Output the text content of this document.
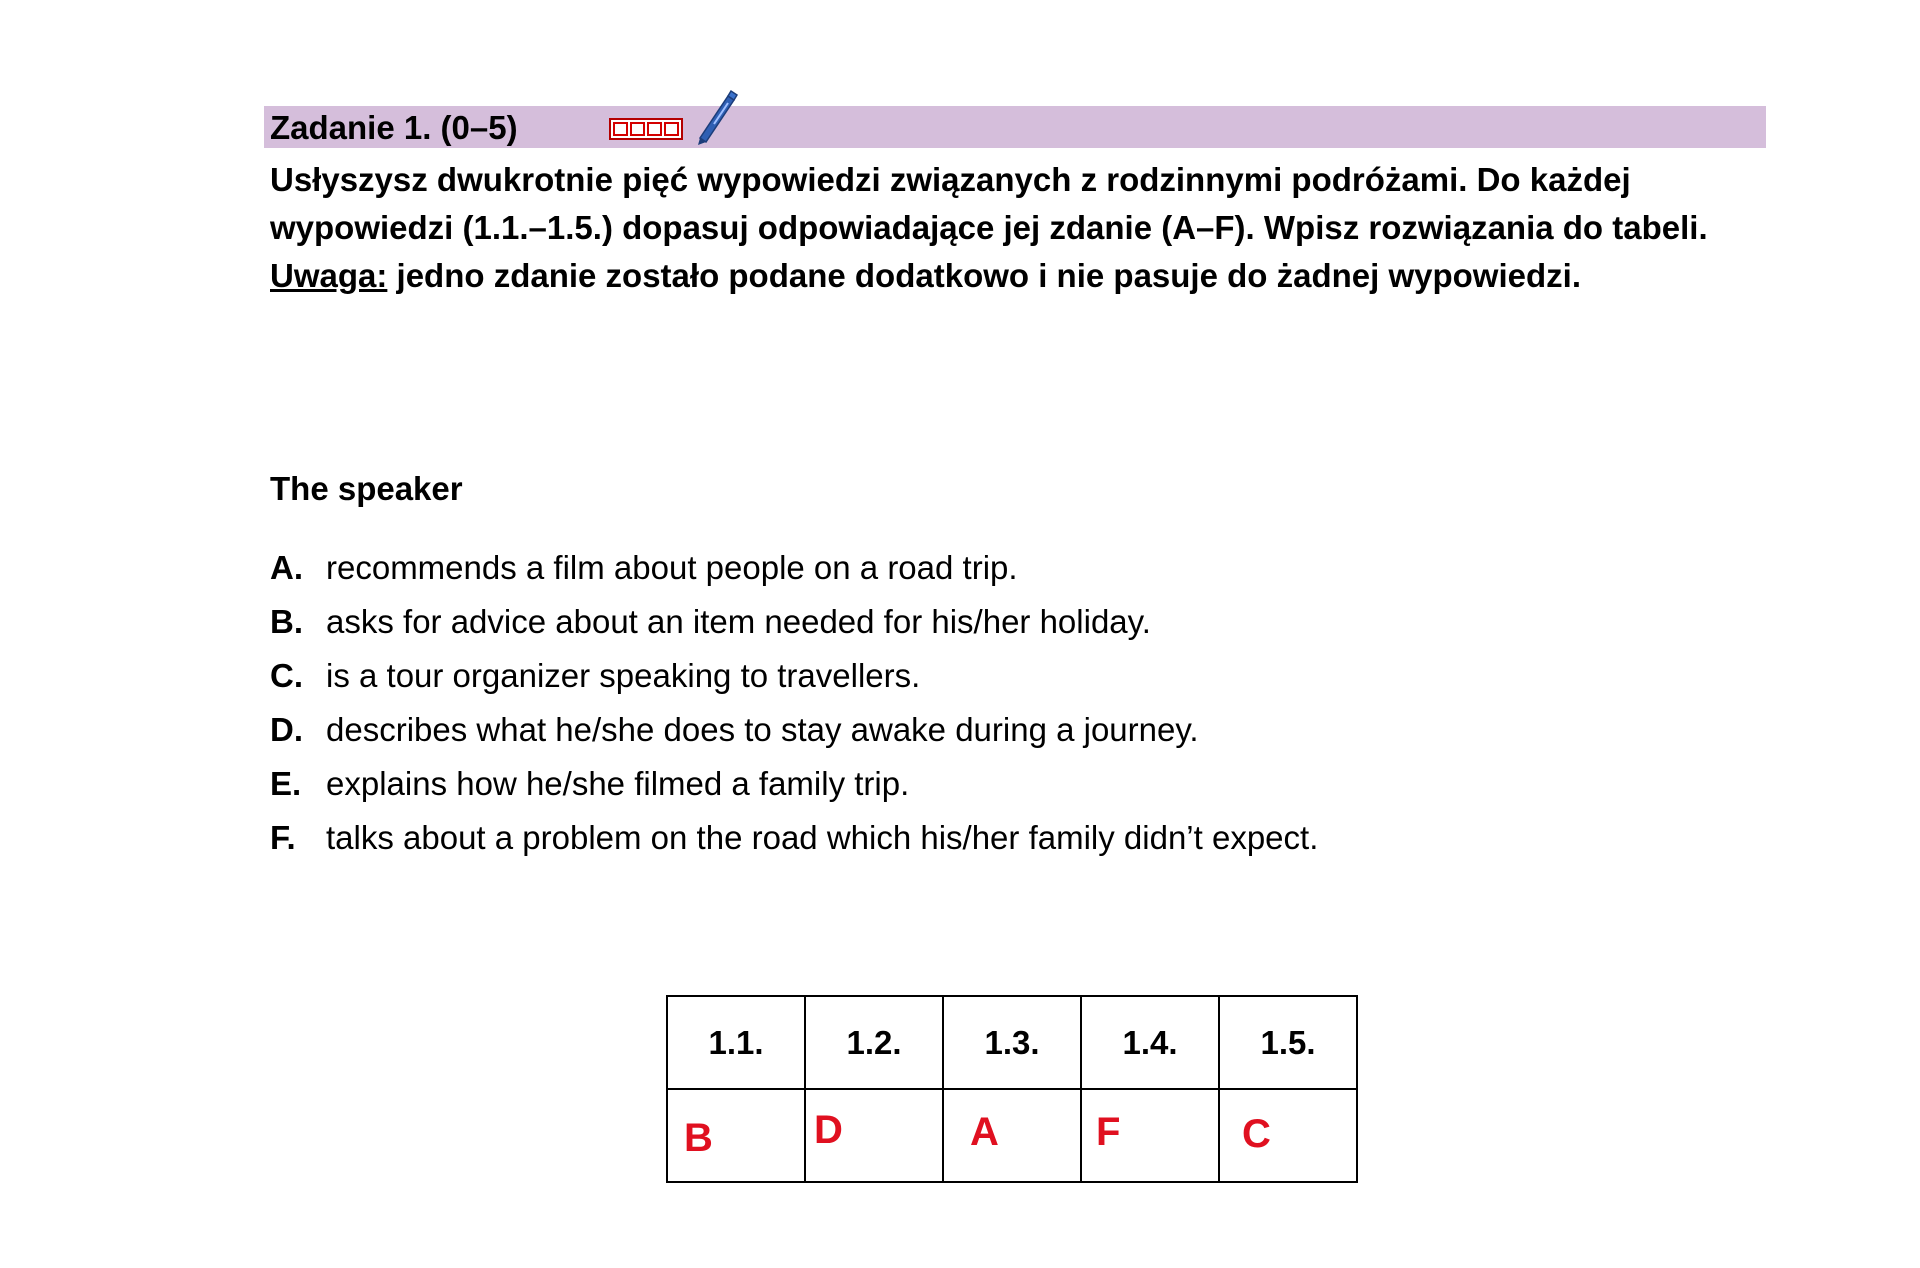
Zadanie 1. (0–5)

Usłyszysz dwukrotnie pięć wypowiedzi związanych z rodzinnymi podróżami. Do każdej wypowiedzi (1.1.–1.5.) dopasuj odpowiadające jej zdanie (A–F). Wpisz rozwiązania do tabeli.

Uwaga: jedno zdanie zostało podane dodatkowo i nie pasuje do żadnej wypowiedzi.

The speaker
A. recommends a film about people on a road trip.
B. asks for advice about an item needed for his/her holiday.
C. is a tour organizer speaking to travellers.
D. describes what he/she does to stay awake during a journey.
E. explains how he/she filmed a family trip.
F. talks about a problem on the road which his/her family didn’t expect.
1.1.	1.2.	1.3.	1.4.	1.5.

B	D	A	F	C
